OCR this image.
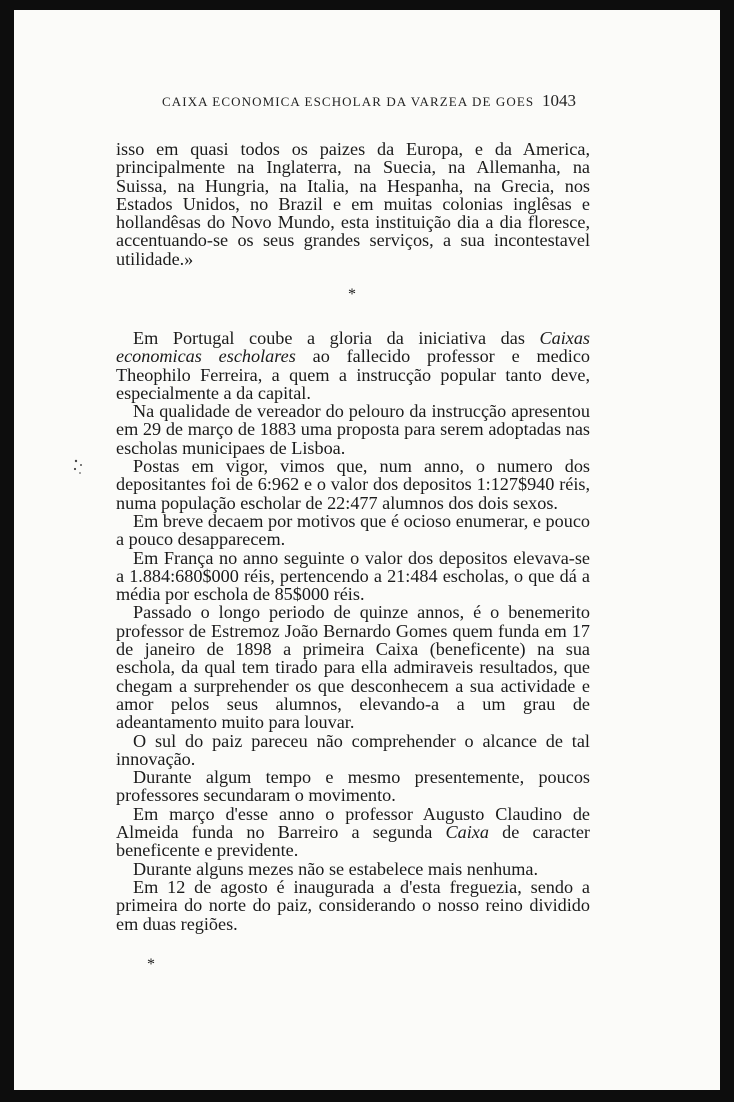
CAIXA ECONOMICA ESCHOLAR DA VARZEA DE GOES 1043

isso em quasi todos os paizes da Europa, e da America, principalmente na Inglaterra, na Suecia, na Allemanha, na Suissa, na Hungria, na Italia, na Hespanha, na Grecia, nos Estados Unidos, no Brazil e em muitas colonias inglêsas e hollandêsas do Novo Mundo, esta instituição dia a dia floresce, accentuando-se os seus grandes serviços, a sua incontestavel utilidade.»

*

Em Portugal coube a gloria da iniciativa das Caixas economicas escholares ao fallecido professor e medico Theophilo Ferreira, a quem a instrucção popular tanto deve, especialmente a da capital.

Na qualidade de vereador do pelouro da instrucção apresentou em 29 de março de 1883 uma proposta para serem adoptadas nas escholas municipaes de Lisboa.

Postas em vigor, vimos que, num anno, o numero dos depositantes foi de 6:962 e o valor dos depositos 1:127$940 réis, numa população escholar de 22:477 alumnos dos dois sexos.

Em breve decaem por motivos que é ocioso enumerar, e pouco a pouco desapparecem.

Em França no anno seguinte o valor dos depositos elevava-se a 1.884:680$000 réis, pertencendo a 21:484 escholas, o que dá a média por eschola de 85$000 réis.

Passado o longo periodo de quinze annos, é o benemerito professor de Estremoz João Bernardo Gomes quem funda em 17 de janeiro de 1898 a primeira Caixa (beneficente) na sua eschola, da qual tem tirado para ella admiraveis resultados, que chegam a surprehender os que desconhecem a sua actividade e amor pelos seus alumnos, elevando-a a um grau de adeantamento muito para louvar.

O sul do paiz pareceu não comprehender o alcance de tal innovação.

Durante algum tempo e mesmo presentemente, poucos professores secundaram o movimento.

Em março d'esse anno o professor Augusto Claudino de Almeida funda no Barreiro a segunda Caixa de caracter beneficente e previdente.

Durante alguns mezes não se estabelece mais nenhuma.

Em 12 de agosto é inaugurada a d'esta freguezia, sendo a primeira do norte do paiz, considerando o nosso reino dividido em duas regiões.

*
